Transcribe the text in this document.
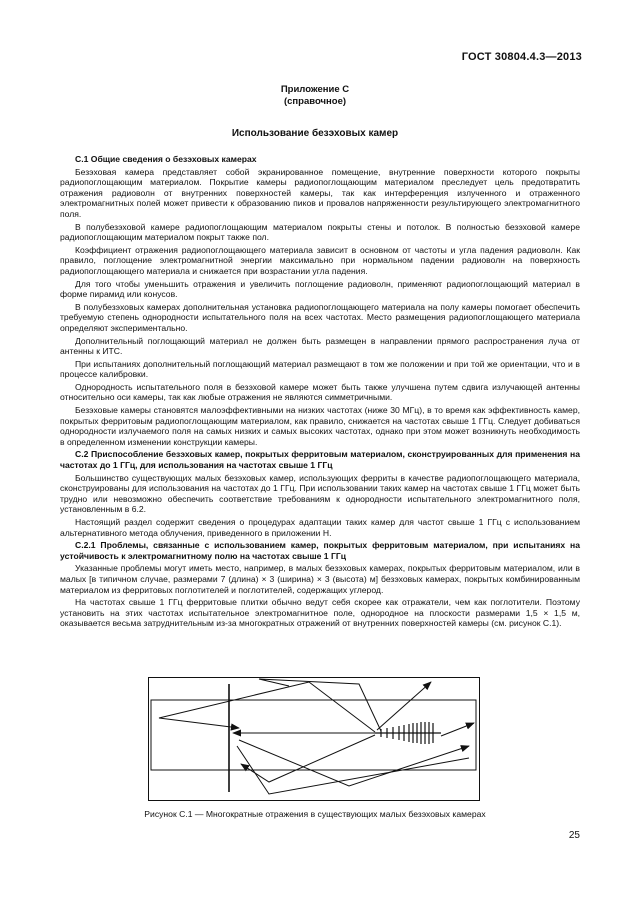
ГОСТ 30804.4.3—2013
Приложение С
(справочное)
Использование безэховых камер

С.1 Общие сведения о безэховых камерах

Безэховая камера представляет собой экранированное помещение, внутренние поверхности которого покрыты радиопоглощающим материалом. Покрытие камеры радиопоглощающим материалом преследует цель предотвратить отражения радиоволн от внутренних поверхностей камеры, так как интерференция излученного и отраженного электромагнитных полей может привести к образованию пиков и провалов напряженности результирующего электромагнитного поля.

В полубезэховой камере радиопоглощающим материалом покрыты стены и потолок. В полностью безэховой камере радиопоглощающим материалом покрыт также пол.

Коэффициент отражения радиопоглощающего материала зависит в основном от частоты и угла падения радиоволн. Как правило, поглощение электромагнитной энергии максимально при нормальном падении радиоволн на поверхность радиопоглощающего материала и снижается при возрастании угла падения.

Для того чтобы уменьшить отражения и увеличить поглощение радиоволн, применяют радиопоглощающий материал в форме пирамид или конусов.

В полубезэховых камерах дополнительная установка радиопоглощающего материала на полу камеры помогает обеспечить требуемую степень однородности испытательного поля на всех частотах. Место размещения радиопоглощающего материала определяют экспериментально.

Дополнительный поглощающий материал не должен быть размещен в направлении прямого распространения луча от антенны к ИТС.

При испытаниях дополнительный поглощающий материал размещают в том же положении и при той же ориентации, что и в процессе калибровки.

Однородность испытательного поля в безэховой камере может быть также улучшена путем сдвига излучающей антенны относительно оси камеры, так как любые отражения не являются симметричными.

Безэховые камеры становятся малоэффективными на низких частотах (ниже 30 МГц), в то время как эффективность камер, покрытых ферритовым радиопоглощающим материалом, как правило, снижается на частотах свыше 1 ГГц. Следует добиваться однородности излучаемого поля на самых низких и самых высоких частотах, однако при этом может возникнуть необходимость в определенном изменении конструкции камеры.

С.2 Приспособление безэховых камер, покрытых ферритовым материалом, сконструированных для применения на частотах до 1 ГГц, для использования на частотах свыше 1 ГГц

Большинство существующих малых безэховых камер, использующих ферриты в качестве радиопоглощающего материала, сконструированы для использования на частотах до 1 ГГц. При использовании таких камер на частотах свыше 1 ГГц может быть трудно или невозможно обеспечить соответствие требованиям к однородности испытательного электромагнитного поля, установленным в 6.2.

Настоящий раздел содержит сведения о процедурах адаптации таких камер для частот свыше 1 ГГц с использованием альтернативного метода облучения, приведенного в приложении Н.

С.2.1 Проблемы, связанные с использованием камер, покрытых ферритовым материалом, при испытаниях на устойчивость к электромагнитному полю на частотах свыше 1 ГГц

Указанные проблемы могут иметь место, например, в малых безэховых камерах, покрытых ферритовым материалом, или в малых [в типичном случае, размерами 7 (длина) × 3 (ширина) × 3 (высота) м] безэховых камерах, покрытых комбинированным материалом из ферритовых поглотителей и поглотителей, содержащих углерод.

На частотах свыше 1 ГГц ферритовые плитки обычно ведут себя скорее как отражатели, чем как поглотители. Поэтому установить на этих частотах испытательное электромагнитное поле, однородное на плоскости размерами 1,5 × 1,5 м, оказывается весьма затруднительным из-за многократных отражений от внутренних поверхностей камеры (см. рисунок С.1).

Рисунок С.1 — Многократные отражения в существующих малых безэховых камерах
25
